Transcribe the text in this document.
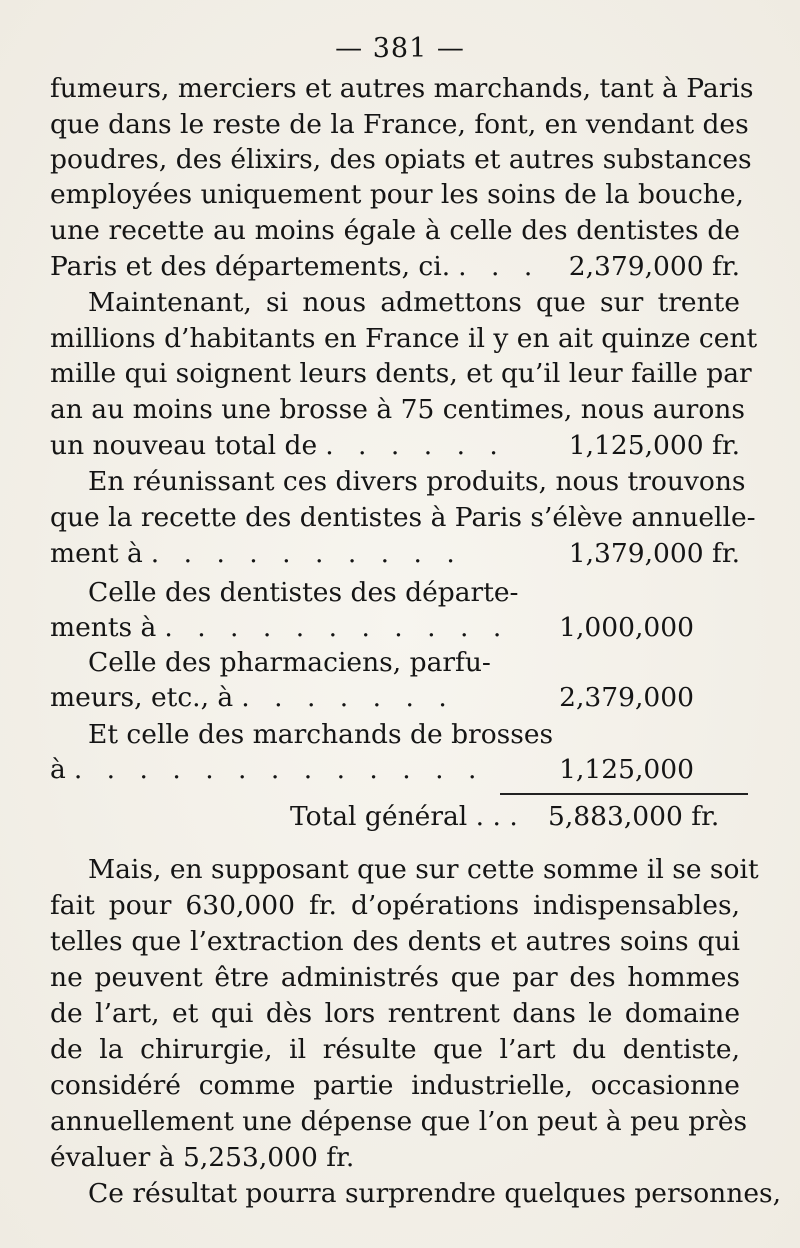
— 381 —
fumeurs, merciers et autres marchands, tant à Paris
que dans le reste de la France, font, en vendant des
poudres, des élixirs, des opiats et autres substances
employées uniquement pour les soins de la bouche,
une recette au moins égale à celle des dentistes de
Paris et des départements, ci. . . .	2,379,000 fr.
Maintenant, si nous admettons que sur trente
millions d’habitants en France il y en ait quinze cent
mille qui soignent leurs dents, et qu’il leur faille par
an au moins une brosse à 75 centimes, nous aurons
un nouveau total de . . . . . .	1,125,000 fr.
En réunissant ces divers produits, nous trouvons
que la recette des dentistes à Paris s’élève annuelle-
ment à . . . . . . . . . .	1,379,000 fr.
Celle des dentistes des départe-
ments à . . . . . . . . . . .	1,000,000
Celle des pharmaciens, parfu-
meurs, etc., à . . . . . . .	2,379,000
Et celle des marchands de brosses
à . . . . . . . . . . . . .	1,125,000
Total général . . . 5,883,000 fr.
Mais, en supposant que sur cette somme il se soit
fait pour 630,000 fr. d’opérations indispensables,
telles que l’extraction des dents et autres soins qui
ne peuvent être administrés que par des hommes
de l’art, et qui dès lors rentrent dans le domaine
de la chirurgie, il résulte que l’art du dentiste,
considéré comme partie industrielle, occasionne
annuellement une dépense que l’on peut à peu près
évaluer à 5,253,000 fr.
Ce résultat pourra surprendre quelques personnes,
